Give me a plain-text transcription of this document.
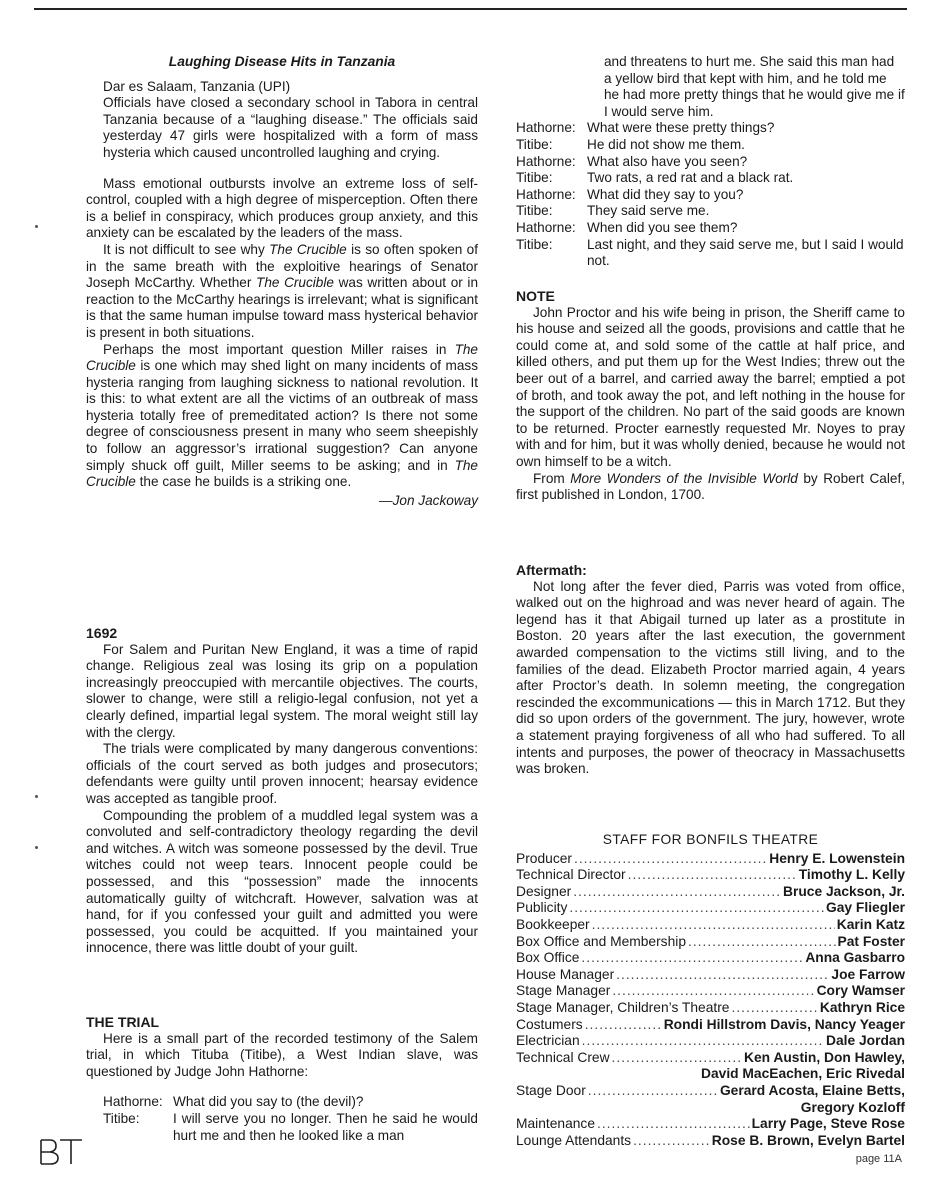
Laughing Disease Hits in Tanzania

Dar es Salaam, Tanzania (UPI)

Officials have closed a secondary school in Tabora in central Tanzania because of a “laughing disease.” The officials said yesterday 47 girls were hospitalized with a form of mass hysteria which caused uncontrolled laughing and crying.

Mass emotional outbursts involve an extreme loss of self-control, coupled with a high degree of misperception. Often there is a belief in conspiracy, which produces group anxiety, and this anxiety can be escalated by the leaders of the mass.

It is not difficult to see why The Crucible is so often spoken of in the same breath with the exploitive hearings of Senator Joseph McCarthy. Whether The Crucible was written about or in reaction to the McCarthy hearings is irrelevant; what is significant is that the same human impulse toward mass hysterical behavior is present in both situations.

Perhaps the most important question Miller raises in The Crucible is one which may shed light on many incidents of mass hysteria ranging from laughing sickness to national revolution. It is this: to what extent are all the victims of an outbreak of mass hysteria totally free of premeditated action? Is there not some degree of consciousness present in many who seem sheepishly to follow an aggressor’s irrational suggestion? Can anyone simply shuck off guilt, Miller seems to be asking; and in The Crucible the case he builds is a striking one.

—Jon Jackoway
1692

For Salem and Puritan New England, it was a time of rapid change. Religious zeal was losing its grip on a population increasingly preoccupied with mercantile objectives. The courts, slower to change, were still a religio-legal confusion, not yet a clearly defined, impartial legal system. The moral weight still lay with the clergy.

The trials were complicated by many dangerous conventions: officials of the court served as both judges and prosecutors; defendants were guilty until proven innocent; hearsay evidence was accepted as tangible proof.

Compounding the problem of a muddled legal system was a convoluted and self-contradictory theology regarding the devil and witches. A witch was someone possessed by the devil. True witches could not weep tears. Innocent people could be possessed, and this “possession” made the innocents automatically guilty of witchcraft. However, salvation was at hand, for if you confessed your guilt and admitted you were possessed, you could be acquitted. If you maintained your innocence, there was little doubt of your guilt.

THE TRIAL

Here is a small part of the recorded testimony of the Salem trial, in which Tituba (Titibe), a West Indian slave, was questioned by Judge John Hathorne:

Hathorne: What did you say to (the devil)?
Titibe:	I will serve you no longer. Then he said he would hurt me and then he looked like a man
and threatens to hurt me. She said this man had a yellow bird that kept with him, and he told me he had more pretty things that he would give me if I would serve him.
Hathorne: What were these pretty things?
Titibe:	He did not show me them.
Hathorne: What also have you seen?
Titibe:	Two rats, a red rat and a black rat.
Hathorne: What did they say to you?
Titibe:	They said serve me.
Hathorne: When did you see them?
Titibe:	Last night, and they said serve me, but I said I would not.
NOTE

John Proctor and his wife being in prison, the Sheriff came to his house and seized all the goods, provisions and cattle that he could come at, and sold some of the cattle at half price, and killed others, and put them up for the West Indies; threw out the beer out of a barrel, and carried away the barrel; emptied a pot of broth, and took away the pot, and left nothing in the house for the support of the children. No part of the said goods are known to be returned. Procter earnestly requested Mr. Noyes to pray with and for him, but it was wholly denied, because he would not own himself to be a witch.

From More Wonders of the Invisible World by Robert Calef, first published in London, 1700.

Aftermath:

Not long after the fever died, Parris was voted from office, walked out on the highroad and was never heard of again. The legend has it that Abigail turned up later as a prostitute in Boston. 20 years after the last execution, the government awarded compensation to the victims still living, and to the families of the dead. Elizabeth Proctor married again, 4 years after Proctor’s death. In solemn meeting, the congregation rescinded the excommunications — this in March 1712. But they did so upon orders of the government. The jury, however, wrote a statement praying forgiveness of all who had suffered. To all intents and purposes, the power of theocracy in Massachusetts was broken.

STAFF FOR BONFILS THEATRE
Producer .....	Henry E. Lowenstein
Technical Director .....	Timothy L. Kelly
Designer .....	Bruce Jackson, Jr.
Publicity .....	Gay Fliegler
Bookkeeper .....	Karin Katz
Box Office and Membership .....	Pat Foster
Box Office .....	Anna Gasbarro
House Manager .....	Joe Farrow
Stage Manager .....	Cory Wamser
Stage Manager, Children’s Theatre .....	Kathryn Rice
Costumers .....	Rondi Hillstrom Davis, Nancy Yeager
Electrician .....	Dale Jordan
Technical Crew .....	Ken Austin, Don Hawley,
David MacEachen, Eric Rivedal
Stage Door .....	Gerard Acosta, Elaine Betts,
Gregory Kozloff
Maintenance .....	Larry Page, Steve Rose
Lounge Attendants .....	Rose B. Brown, Evelyn Bartel
page 11A
